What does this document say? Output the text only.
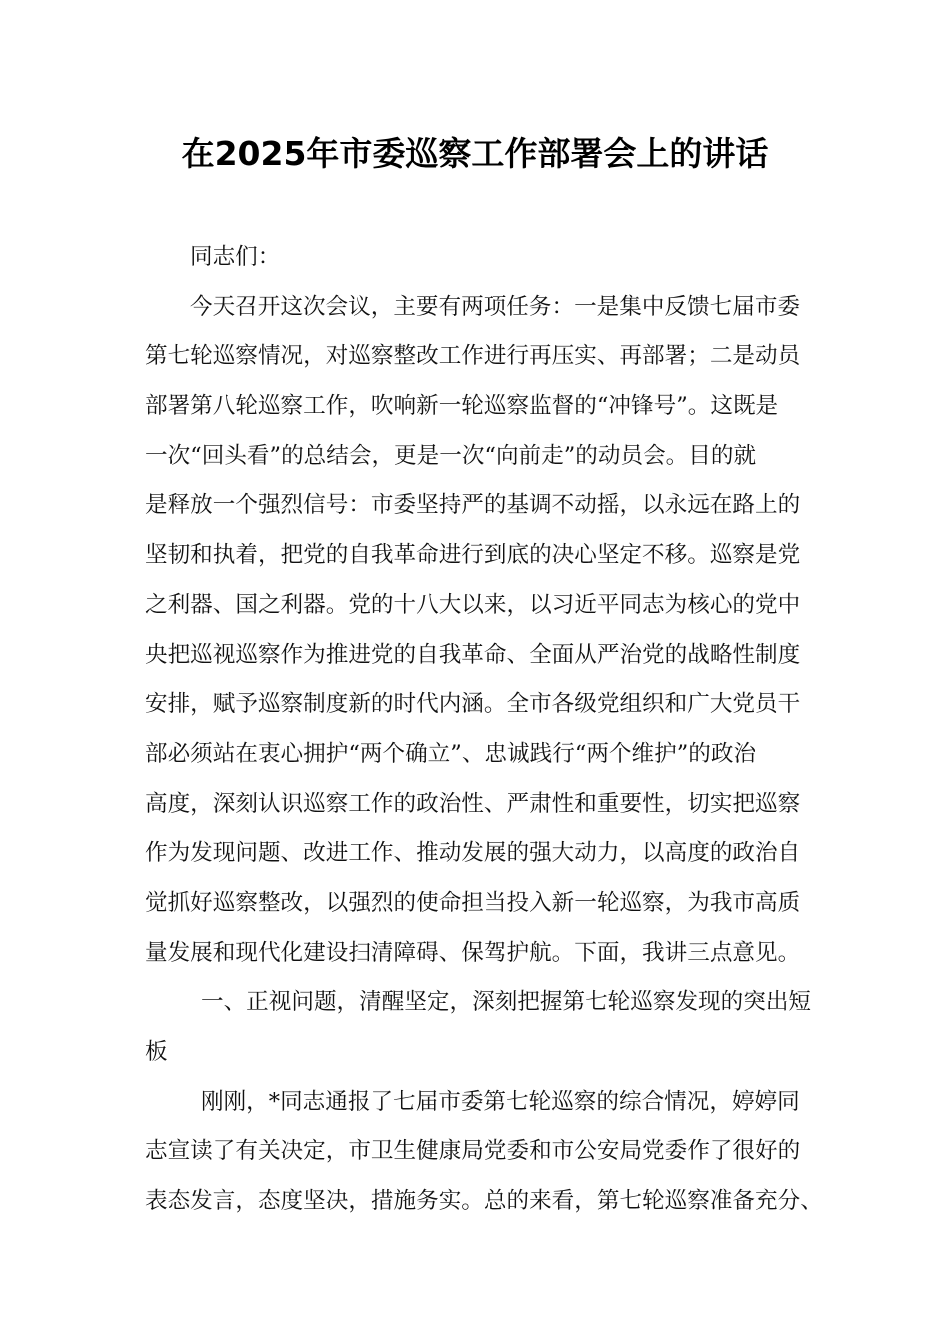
在2025年市委巡察工作部署会上的讲话
同志们：
今天召开这次会议，主要有两项任务：一是集中反馈七届市委
第七轮巡察情况，对巡察整改工作进行再压实、再部署；二是动员
部署第八轮巡察工作，吹响新一轮巡察监督的“冲锋号”。这既是
一次“回头看”的总结会，更是一次“向前走”的动员会。目的就
是释放一个强烈信号：市委坚持严的基调不动摇，以永远在路上的
坚韧和执着，把党的自我革命进行到底的决心坚定不移。巡察是党
之利器、国之利器。党的十八大以来，以习近平同志为核心的党中
央把巡视巡察作为推进党的自我革命、全面从严治党的战略性制度
安排，赋予巡察制度新的时代内涵。全市各级党组织和广大党员干
部必须站在衷心拥护“两个确立”、忠诚践行“两个维护”的政治
高度，深刻认识巡察工作的政治性、严肃性和重要性，切实把巡察
作为发现问题、改进工作、推动发展的强大动力，以高度的政治自
觉抓好巡察整改，以强烈的使命担当投入新一轮巡察，为我市高质
量发展和现代化建设扫清障碍、保驾护航。下面，我讲三点意见。
一、正视问题，清醒坚定，深刻把握第七轮巡察发现的突出短
板
刚刚，*同志通报了七届市委第七轮巡察的综合情况，婷婷同
志宣读了有关决定，市卫生健康局党委和市公安局党委作了很好的
表态发言，态度坚决，措施务实。总的来看，第七轮巡察准备充分、
